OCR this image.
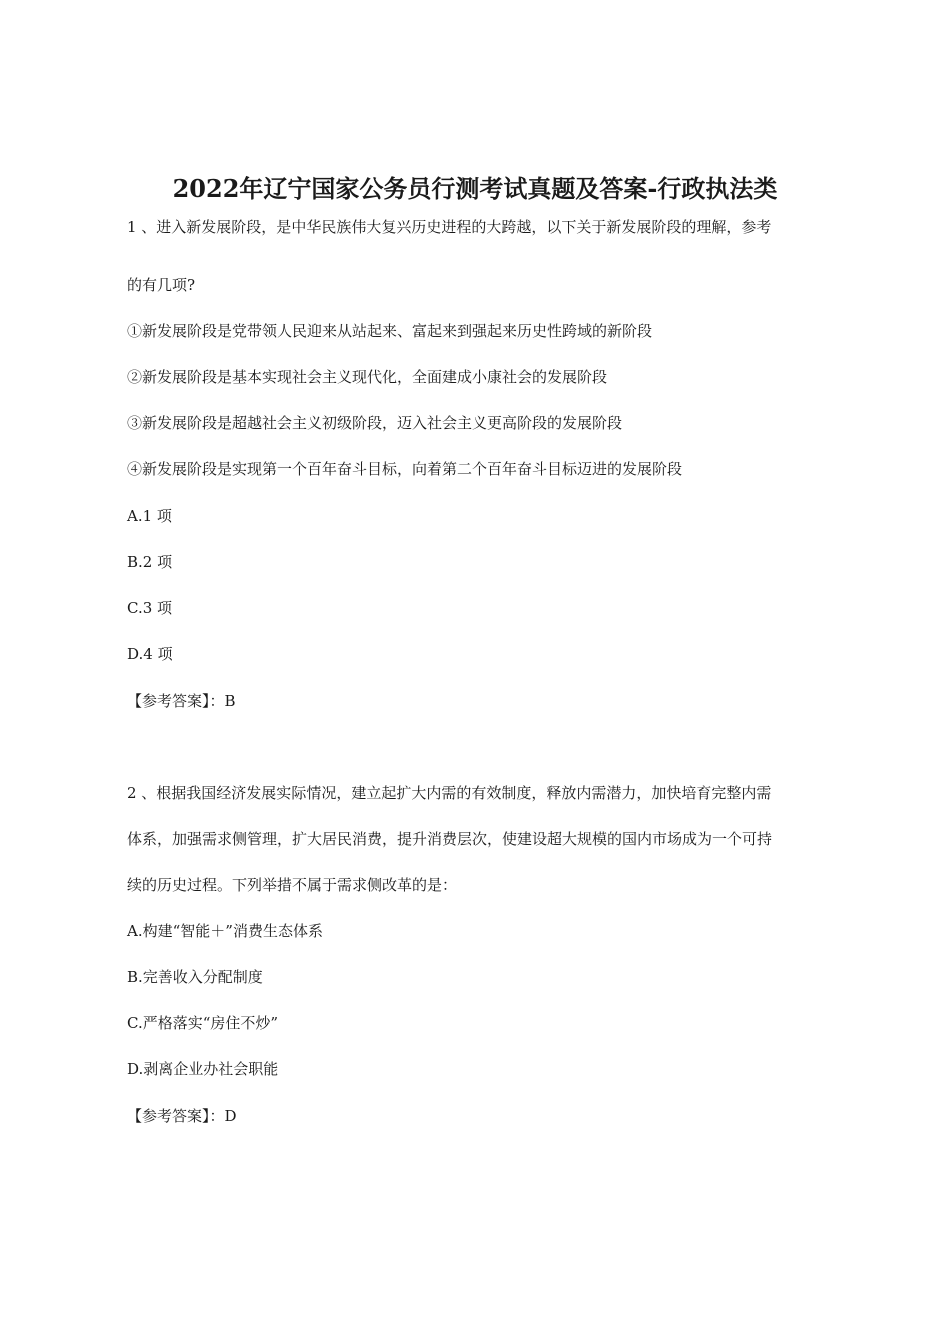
2022年辽宁国家公务员行测考试真题及答案-行政执法类
1 、进入新发展阶段，是中华民族伟大复兴历史进程的大跨越，以下关于新发展阶段的理解，参考
的有几项?
①新发展阶段是党带领人民迎来从站起来、富起来到强起来历史性跨域的新阶段
②新发展阶段是基本实现社会主义现代化，全面建成小康社会的发展阶段
③新发展阶段是超越社会主义初级阶段，迈入社会主义更高阶段的发展阶段
④新发展阶段是实现第一个百年奋斗目标，向着第二个百年奋斗目标迈进的发展阶段
A.1 项
B.2 项
C.3 项
D.4 项
【参考答案】：B
2 、根据我国经济发展实际情况，建立起扩大内需的有效制度，释放内需潜力，加快培育完整内需
体系，加强需求侧管理，扩大居民消费，提升消费层次，使建设超大规模的国内市场成为一个可持
续的历史过程。下列举措不属于需求侧改革的是：
A.构建“智能＋”消费生态体系
B.完善收入分配制度
C.严格落实“房住不炒”
D.剥离企业办社会职能
【参考答案】：D
